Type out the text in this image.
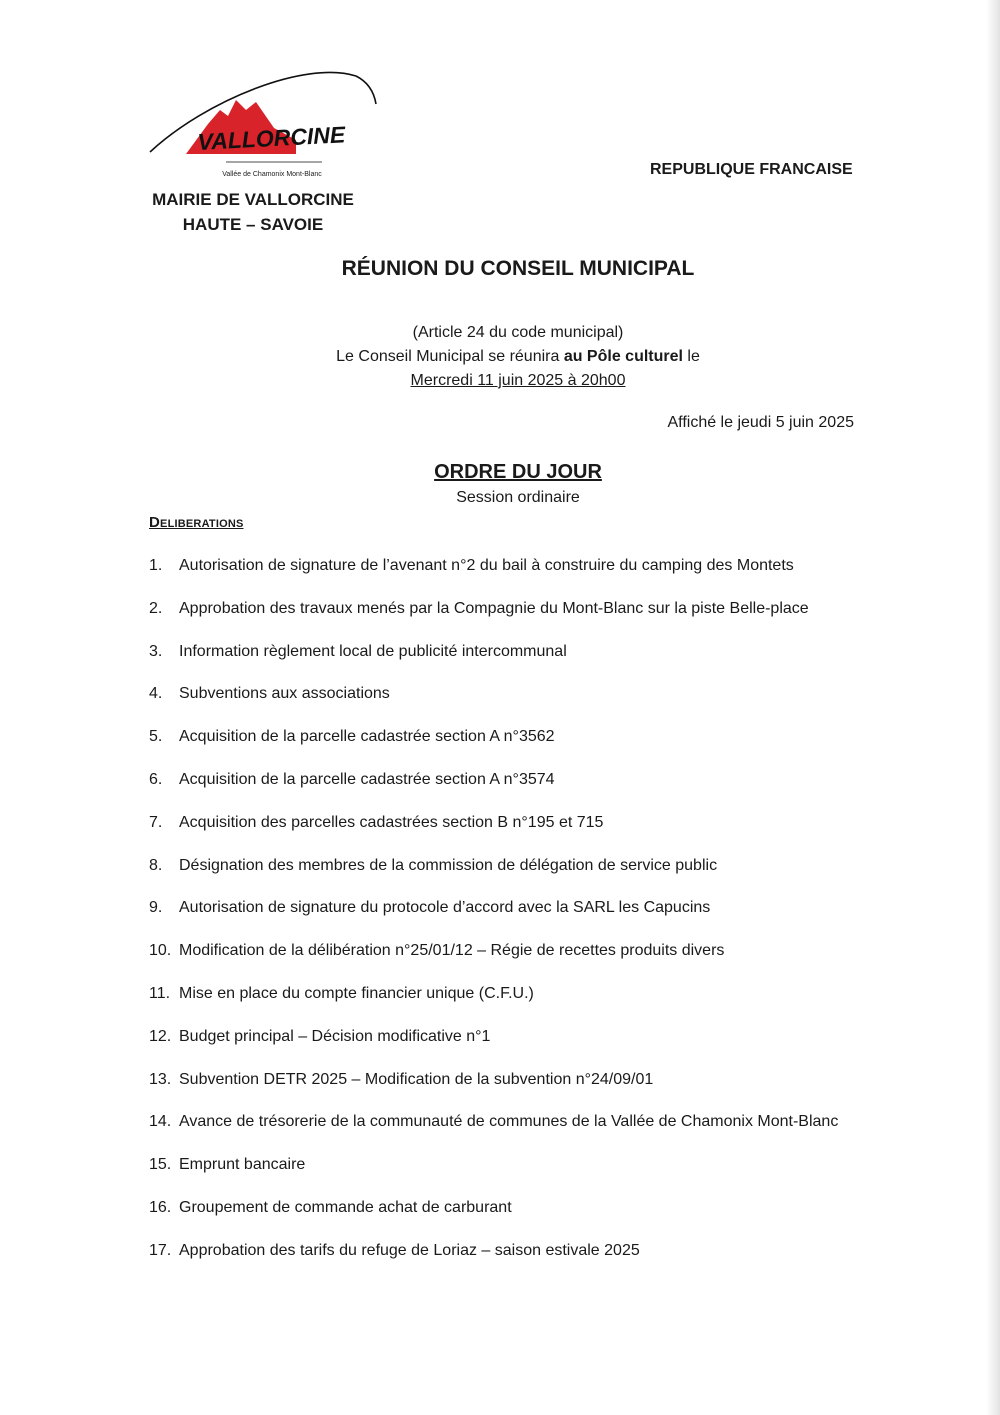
VALLORCINE
Vallée de Chamonix Mont-Blanc
MAIRIE DE VALLORCINE
HAUTE – SAVOIE
REPUBLIQUE FRANCAISE
RÉUNION DU CONSEIL MUNICIPAL
(Article 24 du code municipal)
Le Conseil Municipal se réunira au Pôle culturel le
Mercredi 11 juin 2025 à 20h00
Affiché le jeudi 5 juin 2025
ORDRE DU JOUR
Session ordinaire
Deliberations
1. Autorisation de signature de l’avenant n°2 du bail à construire du camping des Montets
2. Approbation des travaux menés par la Compagnie du Mont-Blanc sur la piste Belle-place
3. Information règlement local de publicité intercommunal
4. Subventions aux associations
5. Acquisition de la parcelle cadastrée section A n°3562
6. Acquisition de la parcelle cadastrée section A n°3574
7. Acquisition des parcelles cadastrées section B n°195 et 715
8. Désignation des membres de la commission de délégation de service public
9. Autorisation de signature du protocole d’accord avec la SARL les Capucins
10. Modification de la délibération n°25/01/12 – Régie de recettes produits divers
11. Mise en place du compte financier unique (C.F.U.)
12. Budget principal – Décision modificative n°1
13. Subvention DETR 2025 – Modification de la subvention n°24/09/01
14. Avance de trésorerie de la communauté de communes de la Vallée de Chamonix Mont-Blanc
15. Emprunt bancaire
16. Groupement de commande achat de carburant
17. Approbation des tarifs du refuge de Loriaz – saison estivale 2025
